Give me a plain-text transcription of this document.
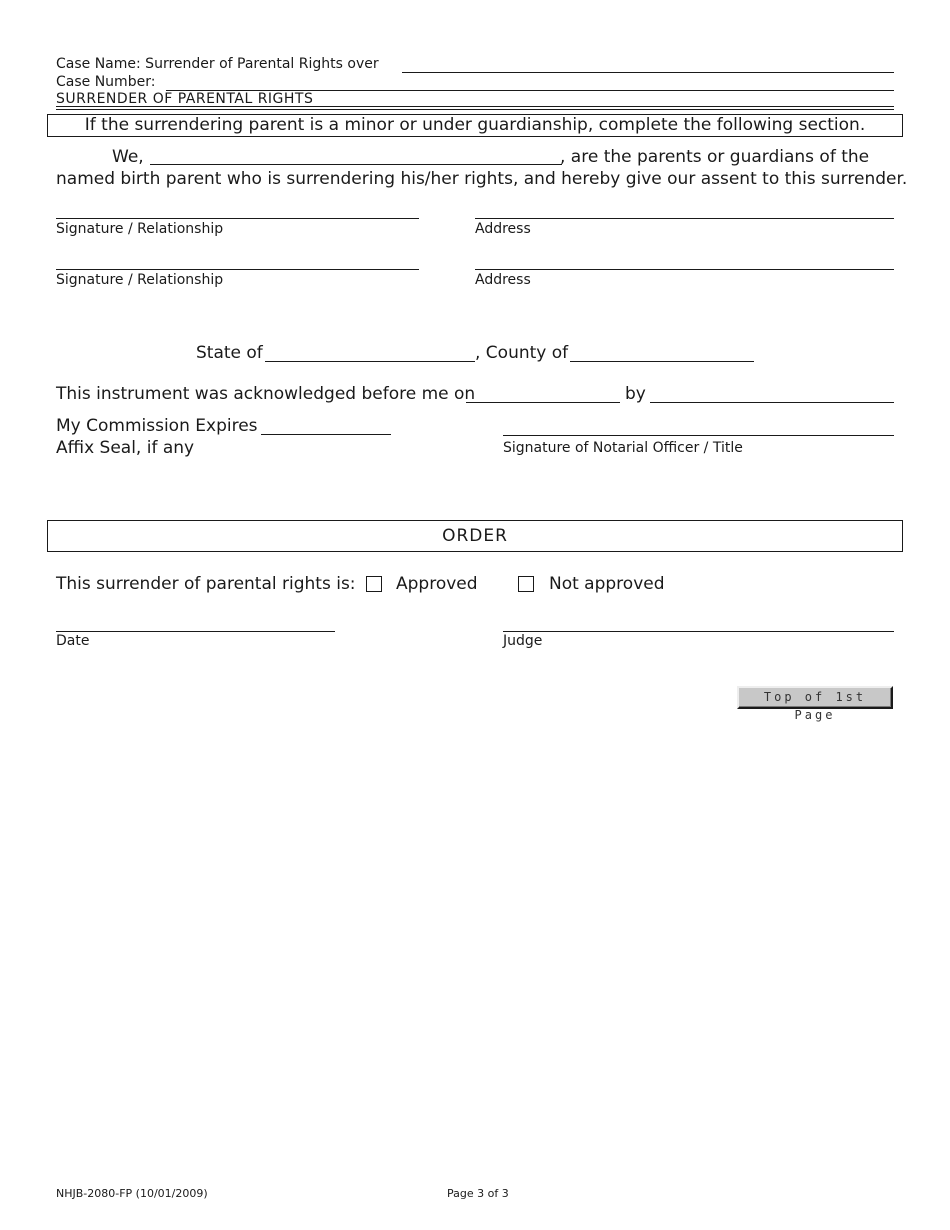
Case Name: Surrender of Parental Rights over
Case Number:
SURRENDER OF PARENTAL RIGHTS
If the surrendering parent is a minor or under guardianship, complete the following section.
We,	, are the parents or guardians of the
named birth parent who is surrendering his/her rights, and hereby give our assent to this surrender.
Signature / Relationship	Address
Signature / Relationship	Address
State of	, County of
This instrument was acknowledged before me on	by
My Commission Expires
Affix Seal, if any	Signature of Notarial Officer / Title
ORDER
This surrender of parental rights is: Approved	Not approved
Date	Judge
Top of 1st Page
NHJB-2080-FP (10/01/2009)	Page 3 of 3
